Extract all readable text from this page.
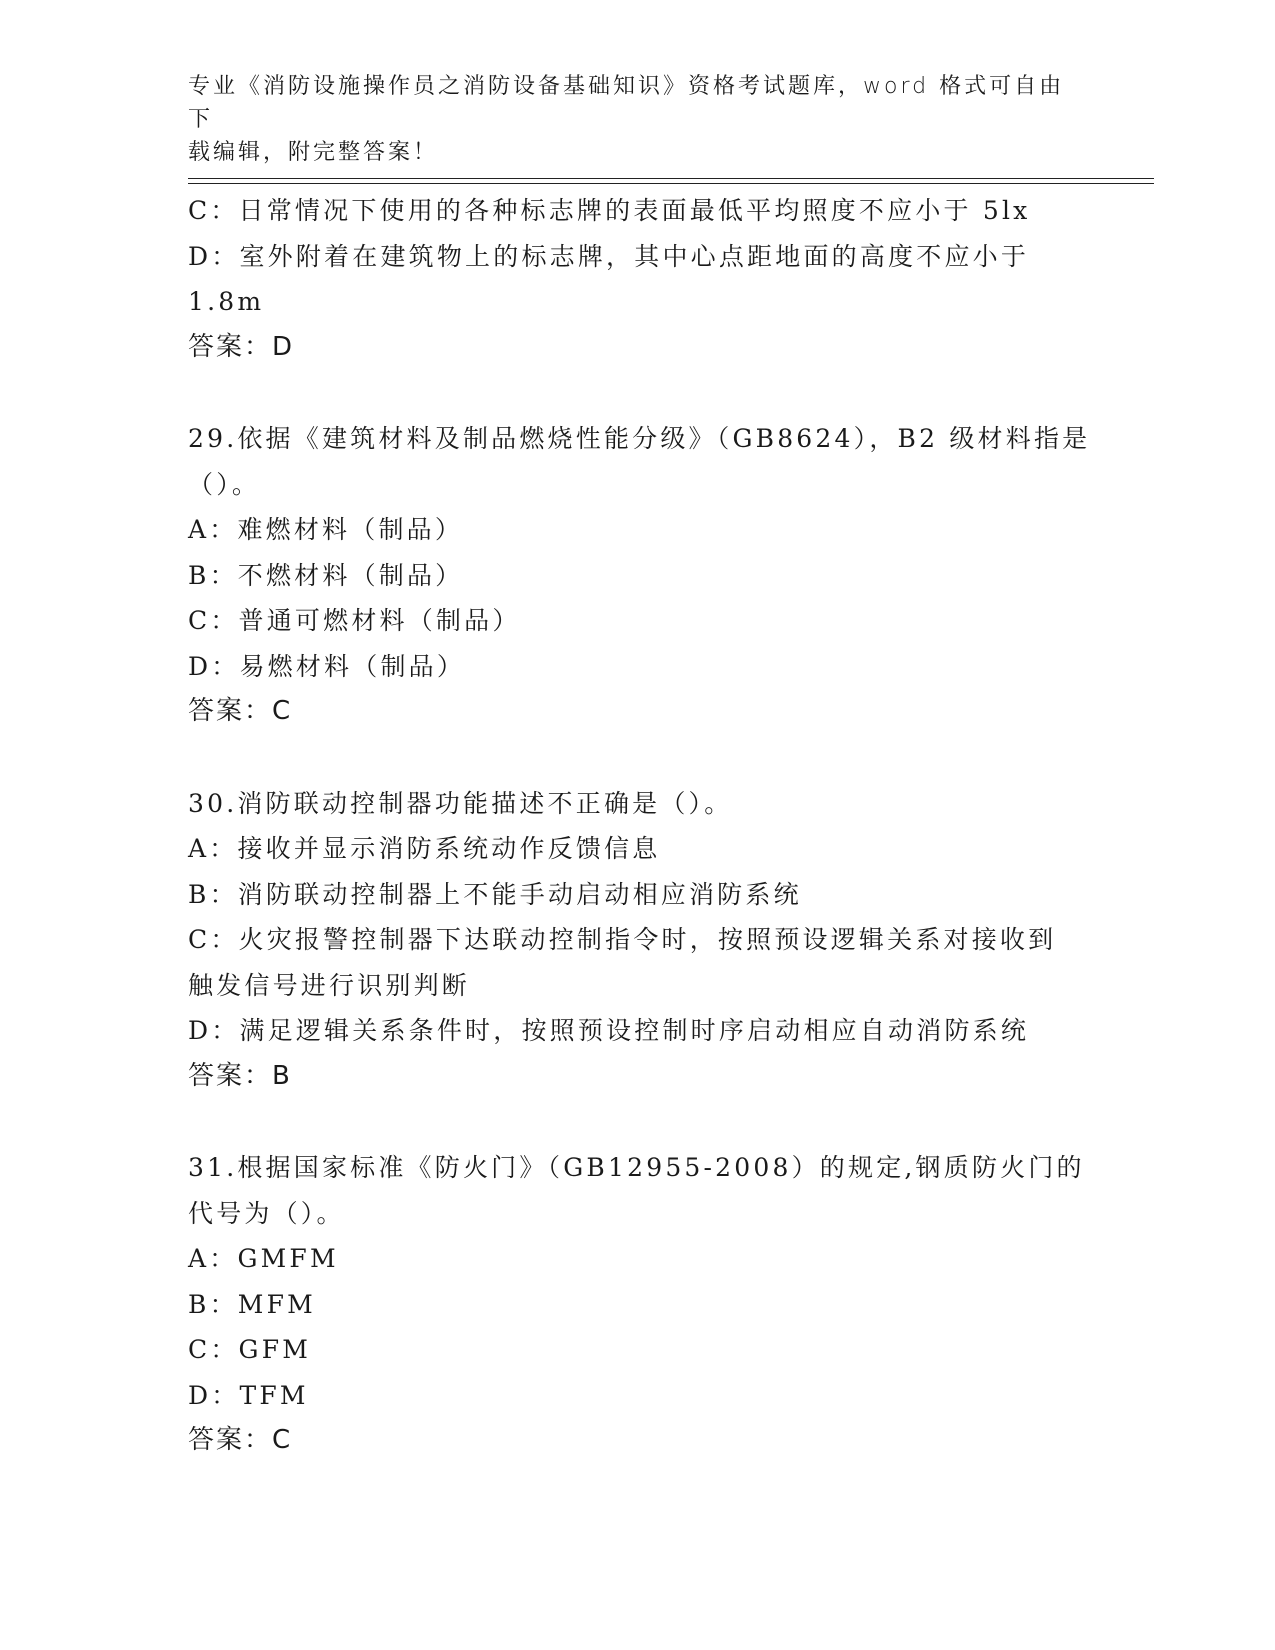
专业《消防设施操作员之消防设备基础知识》资格考试题库，word 格式可自由下
载编辑，附完整答案！
C：日常情况下使用的各种标志牌的表面最低平均照度不应小于 5lx
D：室外附着在建筑物上的标志牌，其中心点距地面的高度不应小于
1.8m
答案：D
29.依据《建筑材料及制品燃烧性能分级》（GB8624），B2 级材料指是
（）。
A：难燃材料（制品）
B：不燃材料（制品）
C：普通可燃材料（制品）
D：易燃材料（制品）
答案：C
30.消防联动控制器功能描述不正确是（）。
A：接收并显示消防系统动作反馈信息
B：消防联动控制器上不能手动启动相应消防系统
C：火灾报警控制器下达联动控制指令时，按照预设逻辑关系对接收到
触发信号进行识别判断
D：满足逻辑关系条件时，按照预设控制时序启动相应自动消防系统
答案：B
31.根据国家标准《防火门》（GB12955-2008）的规定,钢质防火门的
代号为（）。
A：GMFM
B：MFM
C：GFM
D：TFM
答案：C
